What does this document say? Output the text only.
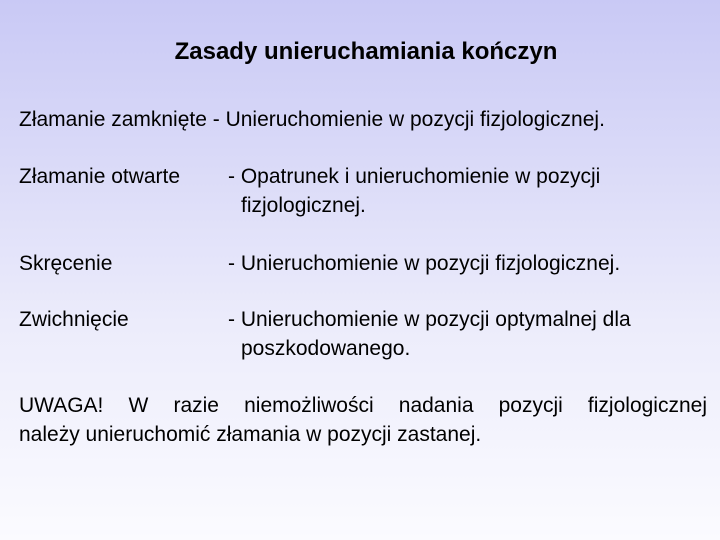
Zasady unieruchamiania kończyn
Złamanie zamknięte - Unieruchomienie w pozycji fizjologicznej.
Złamanie otwarte - Opatrunek i unieruchomienie w pozycji
fizjologicznej.
Skręcenie	- Unieruchomienie w pozycji fizjologicznej.
Zwichnięcie	- Unieruchomienie w pozycji optymalnej dla
poszkodowanego.
UWAGA! W razie niemożliwości nadania pozycji fizjologicznej
należy unieruchomić złamania w pozycji zastanej.
